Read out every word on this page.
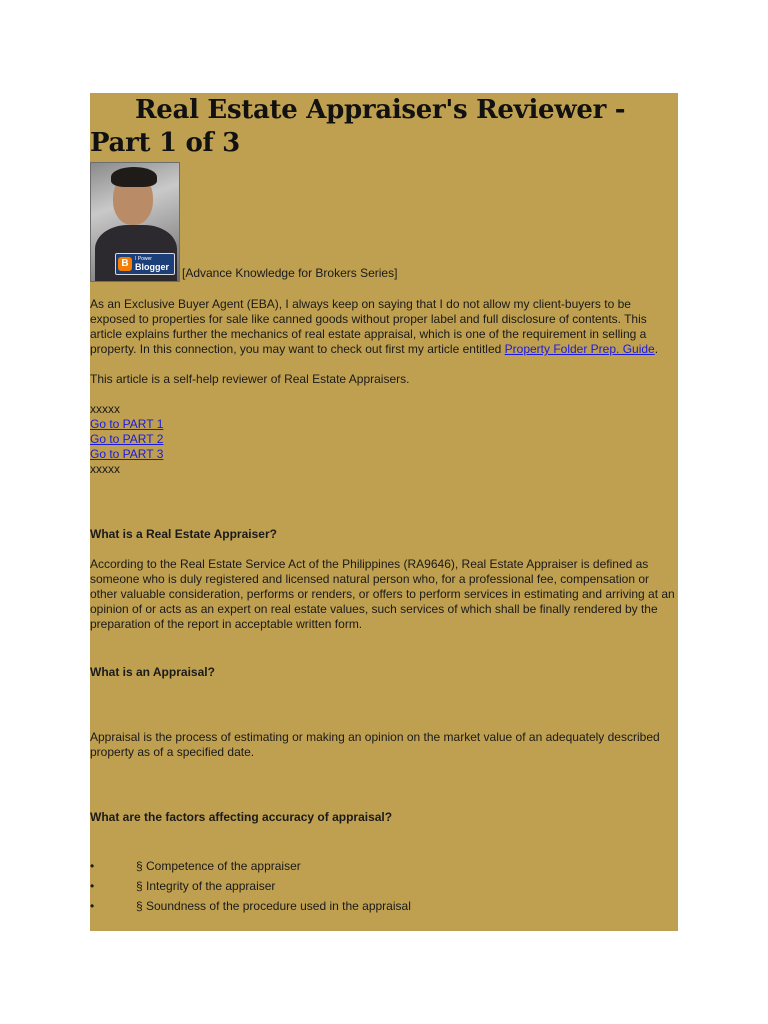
Real Estate Appraiser's Reviewer - Part 1 of 3
B	I Power
Blogger [Advance Knowledge for Brokers Series]

As an Exclusive Buyer Agent (EBA), I always keep on saying that I do not allow my client-buyers to be exposed to properties for sale like canned goods without proper label and full disclosure of contents. This article explains further the mechanics of real estate appraisal, which is one of the requirement in selling a property. In this connection, you may want to check out first my article entitled Property Folder Prep. Guide.

This article is a self-help reviewer of Real Estate Appraisers.

xxxxx

Go to PART 1

Go to PART 2

Go to PART 3

xxxxx

What is a Real Estate Appraiser?

According to the Real Estate Service Act of the Philippines (RA9646), Real Estate Appraiser is defined as someone who is duly registered and licensed natural person who, for a professional fee, compensation or other valuable consideration, performs or renders, or offers to perform services in estimating and arriving at an opinion of or acts as an expert on real estate values, such services of which shall be finally rendered by the preparation of the report in acceptable written form.

What is an Appraisal?

Appraisal is the process of estimating or making an opinion on the market value of an adequately described property as of a specified date.

What are the factors affecting accuracy of appraisal?

•	§ Competence of the appraiser
•	§ Integrity of the appraiser
•	§ Soundness of the procedure used in the appraisal
